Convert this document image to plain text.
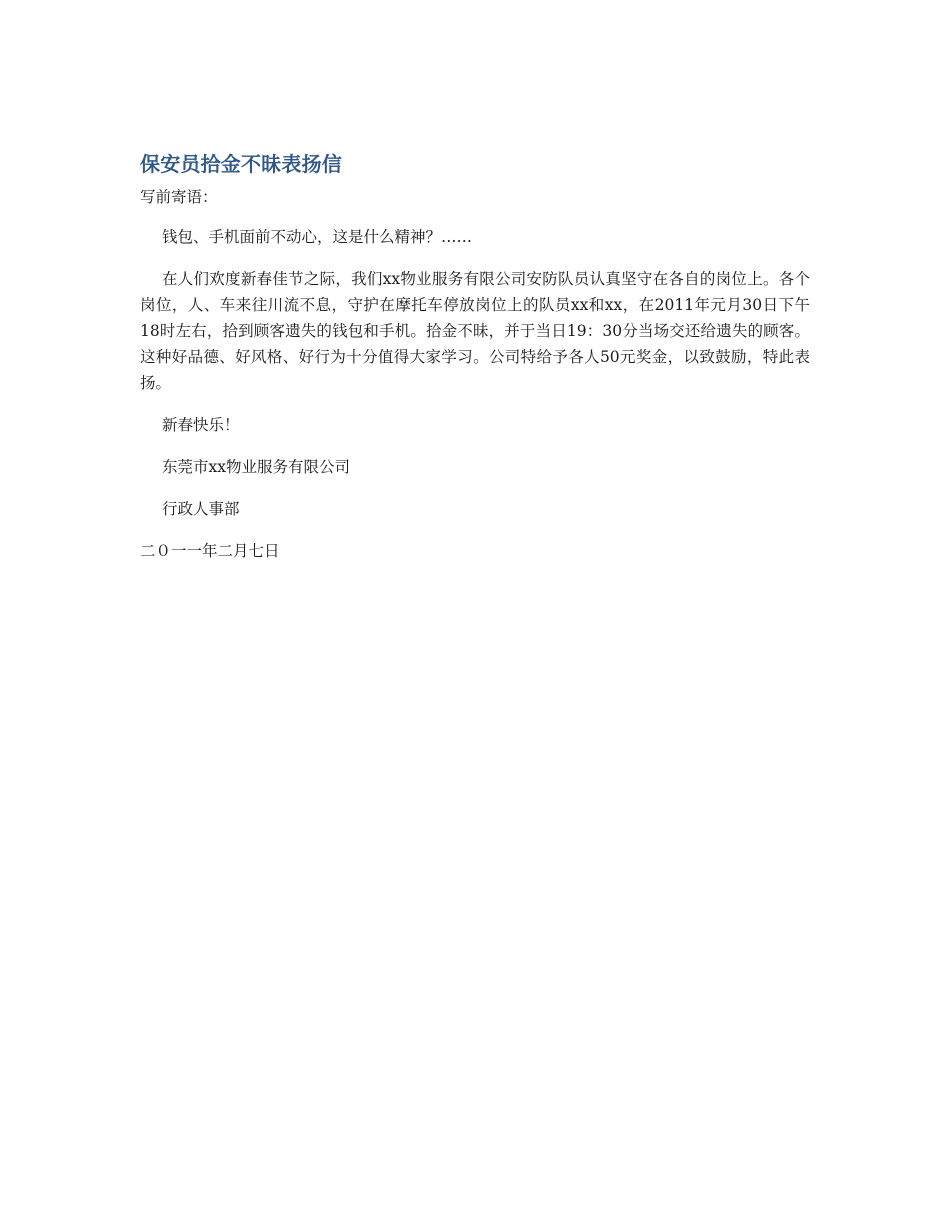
保安员拾金不昧表扬信

写前寄语：

钱包、手机面前不动心，这是什么精神？……

在人们欢度新春佳节之际，我们xx物业服务有限公司安防队员认真坚守在各自的岗位上。各个岗位，人、车来往川流不息，守护在摩托车停放岗位上的队员xx和xx，在2011年元月30日下午18时左右，拾到顾客遗失的钱包和手机。拾金不昧，并于当日19：30分当场交还给遗失的顾客。这种好品德、好风格、好行为十分值得大家学习。公司特给予各人50元奖金，以致鼓励，特此表扬。

新春快乐！

东莞市xx物业服务有限公司

行政人事部

二０一一年二月七日
